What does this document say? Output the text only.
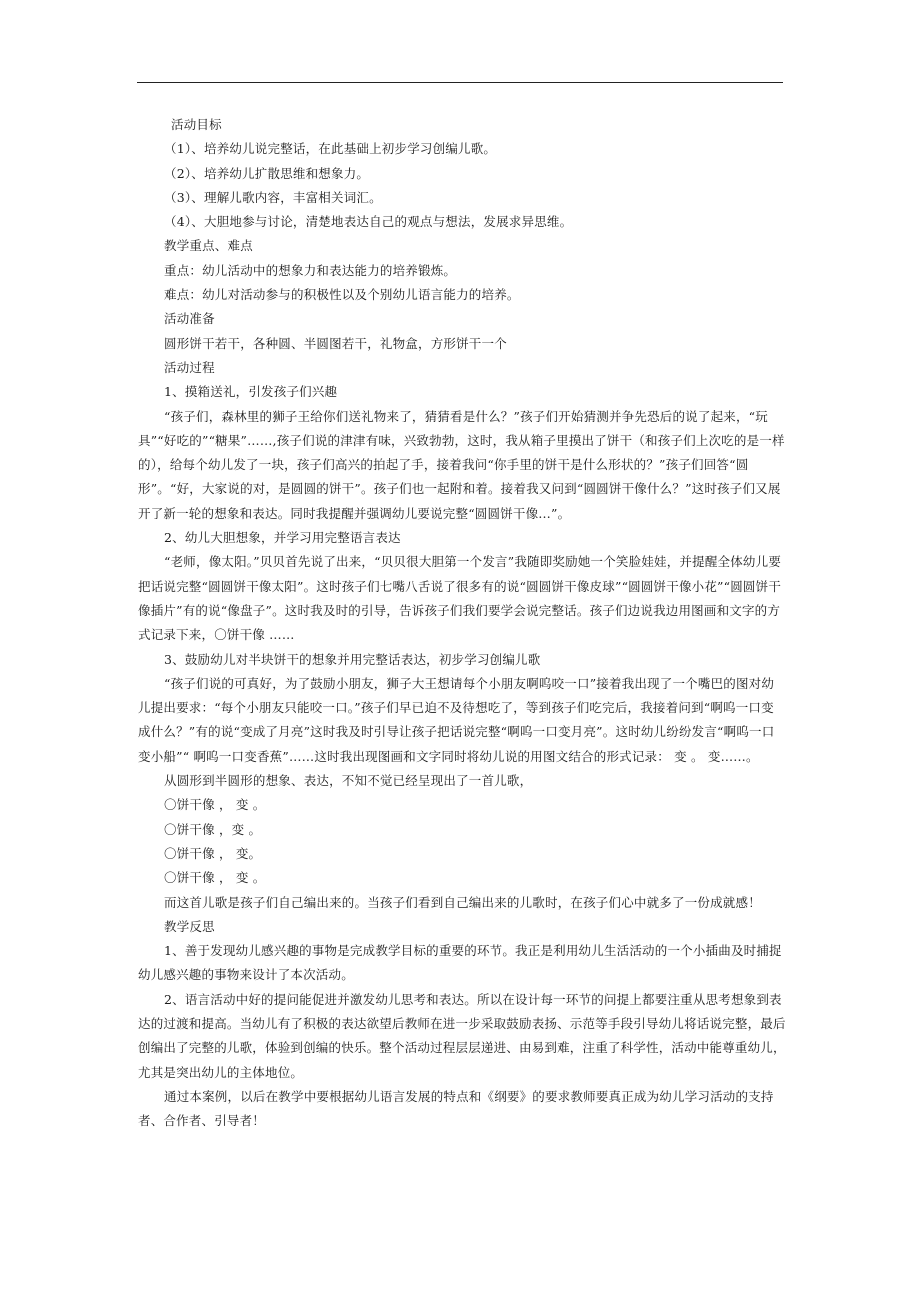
活动目标

（1）、培养幼儿说完整话，在此基础上初步学习创编儿歌。

（2）、培养幼儿扩散思维和想象力。

（3）、理解儿歌内容，丰富相关词汇。

（4）、大胆地参与讨论，清楚地表达自己的观点与想法，发展求异思维。

教学重点、难点

重点：幼儿活动中的想象力和表达能力的培养锻炼。

难点：幼儿对活动参与的积极性以及个别幼儿语言能力的培养。

活动准备

圆形饼干若干，各种圆、半圆图若干，礼物盒，方形饼干一个

活动过程

1、摸箱送礼，引发孩子们兴趣

“孩子们，森林里的狮子王给你们送礼物来了，猜猜看是什么？”孩子们开始猜测并争先恐后的说了起来，“玩具”“好吃的”“糖果”……,孩子们说的津津有味，兴致勃勃，这时，我从箱子里摸出了饼干（和孩子们上次吃的是一样的），给每个幼儿发了一块，孩子们高兴的拍起了手，接着我问“你手里的饼干是什么形状的？”孩子们回答“圆形”。“好，大家说的对，是圆圆的饼干”。孩子们也一起附和着。接着我又问到“圆圆饼干像什么？”这时孩子们又展开了新一轮的想象和表达。同时我提醒并强调幼儿要说完整“圆圆饼干像…”。

2、幼儿大胆想象，并学习用完整语言表达

“老师，像太阳。”贝贝首先说了出来，“贝贝很大胆第一个发言”我随即奖励她一个笑脸娃娃，并提醒全体幼儿要把话说完整“圆圆饼干像太阳”。这时孩子们七嘴八舌说了很多有的说“圆圆饼干像皮球”“圆圆饼干像小花”“圆圆饼干像插片”有的说“像盘子”。这时我及时的引导，告诉孩子们我们要学会说完整话。孩子们边说我边用图画和文字的方式记录下来，〇饼干像 ……

3、鼓励幼儿对半块饼干的想象并用完整话表达，初步学习创编儿歌

“孩子们说的可真好，为了鼓励小朋友，狮子大王想请每个小朋友啊呜咬一口”接着我出现了一个嘴巴的图对幼儿提出要求：“每个小朋友只能咬一口。”孩子们早已迫不及待想吃了，等到孩子们吃完后，我接着问到“啊呜一口变成什么？”有的说“变成了月亮”这时我及时引导让孩子把话说完整“啊呜一口变月亮”。这时幼儿纷纷发言“啊呜一口变小船”“ 啊呜一口变香蕉”……这时我出现图画和文字同时将幼儿说的用图文结合的形式记录： 变 。 变……。

从圆形到半圆形的想象、表达，不知不觉已经呈现出了一首儿歌，

〇饼干像 ， 变 。

〇饼干像 ，变 。

〇饼干像 ， 变。

〇饼干像 ， 变 。

而这首儿歌是孩子们自己编出来的。当孩子们看到自己编出来的儿歌时，在孩子们心中就多了一份成就感！

教学反思

1、善于发现幼儿感兴趣的事物是完成教学目标的重要的环节。我正是利用幼儿生活活动的一个小插曲及时捕捉幼儿感兴趣的事物来设计了本次活动。

2、语言活动中好的提问能促进并激发幼儿思考和表达。所以在设计每一环节的问提上都要注重从思考想象到表达的过渡和提高。当幼儿有了积极的表达欲望后教师在进一步采取鼓励表扬、示范等手段引导幼儿将话说完整，最后创编出了完整的儿歌，体验到创编的快乐。整个活动过程层层递进、由易到难，注重了科学性，活动中能尊重幼儿，尤其是突出幼儿的主体地位。

通过本案例，以后在教学中要根据幼儿语言发展的特点和《纲要》的要求教师要真正成为幼儿学习活动的支持者、合作者、引导者！
